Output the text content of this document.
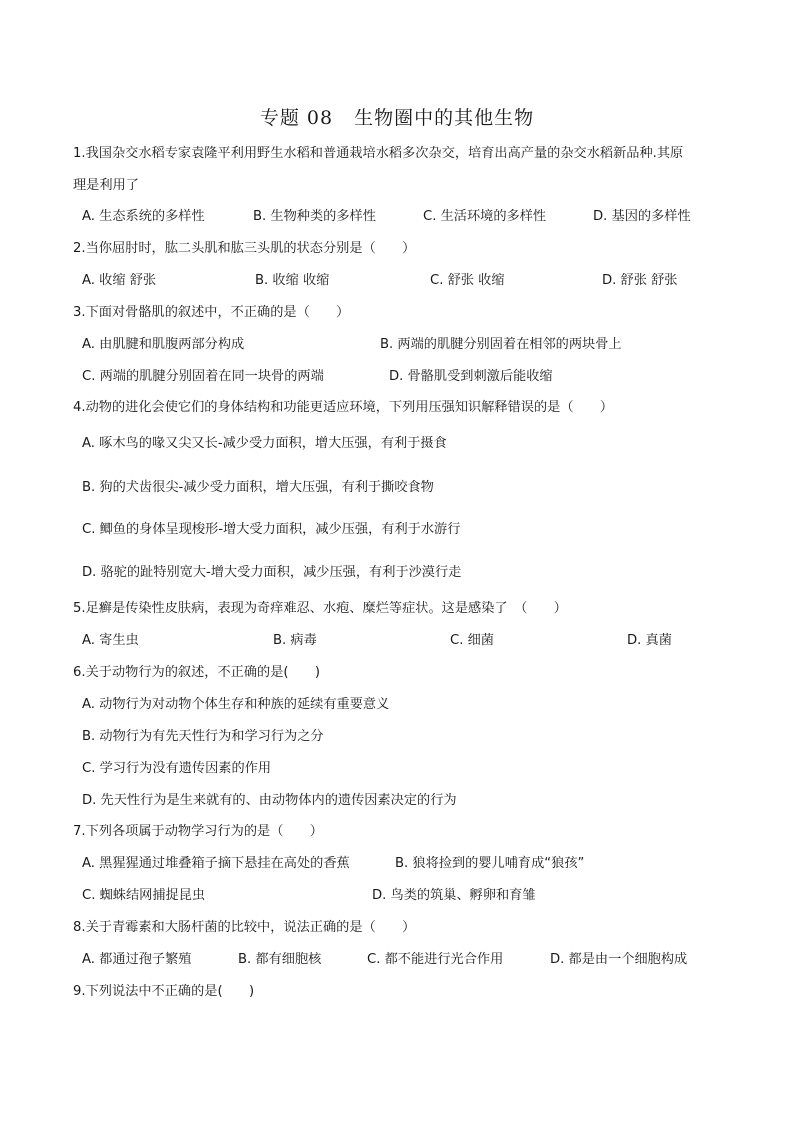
专题 08   生物圈中的其他生物
1.我国杂交水稻专家袁隆平利用野生水稻和普通栽培水稻多次杂交，培育出高产量的杂交水稻新品种.其原
理是利用了
A. 生态系统的多样性	B. 生物种类的多样性	C. 生活环境的多样性	D. 基因的多样性
2.当你屈肘时，肱二头肌和肱三头肌的状态分别是（　　）
A. 收缩 舒张	B. 收缩 收缩	C. 舒张 收缩	D. 舒张 舒张
3.下面对骨骼肌的叙述中，不正确的是（　　）
A. 由肌腱和肌腹两部分构成	B. 两端的肌腱分别固着在相邻的两块骨上
C. 两端的肌腱分别固着在同一块骨的两端	D. 骨骼肌受到刺激后能收缩
4.动物的进化会使它们的身体结构和功能更适应环境，下列用压强知识解释错误的是（　　）
A. 啄木鸟的喙又尖又长-减少受力面积，增大压强，有利于摄食
B. 狗的犬齿很尖-减少受力面积，增大压强，有利于撕咬食物
C. 鲫鱼的身体呈现梭形-增大受力面积，减少压强，有利于水游行
D. 骆驼的趾特别宽大-增大受力面积，减少压强，有利于沙漠行走
5.足癣是传染性皮肤病，表现为奇痒难忍、水疱、糜烂等症状。这是感染了　（　　）
A. 寄生虫	B. 病毒	C. 细菌	D. 真菌
6.关于动物行为的叙述，不正确的是(　　)
A. 动物行为对动物个体生存和种族的延续有重要意义
B. 动物行为有先天性行为和学习行为之分
C. 学习行为没有遗传因素的作用
D. 先天性行为是生来就有的、由动物体内的遗传因素决定的行为
7.下列各项属于动物学习行为的是（　　）
A. 黑猩猩通过堆叠箱子摘下悬挂在高处的香蕉	B. 狼将捡到的婴儿哺育成“狼孩”
C. 蜘蛛结网捕捉昆虫	D. 鸟类的筑巢、孵卵和育雏
8.关于青霉素和大肠杆菌的比较中，说法正确的是（　　）
A. 都通过孢子繁殖	B. 都有细胞核	C. 都不能进行光合作用	D. 都是由一个细胞构成
9.下列说法中不正确的是(　　)
